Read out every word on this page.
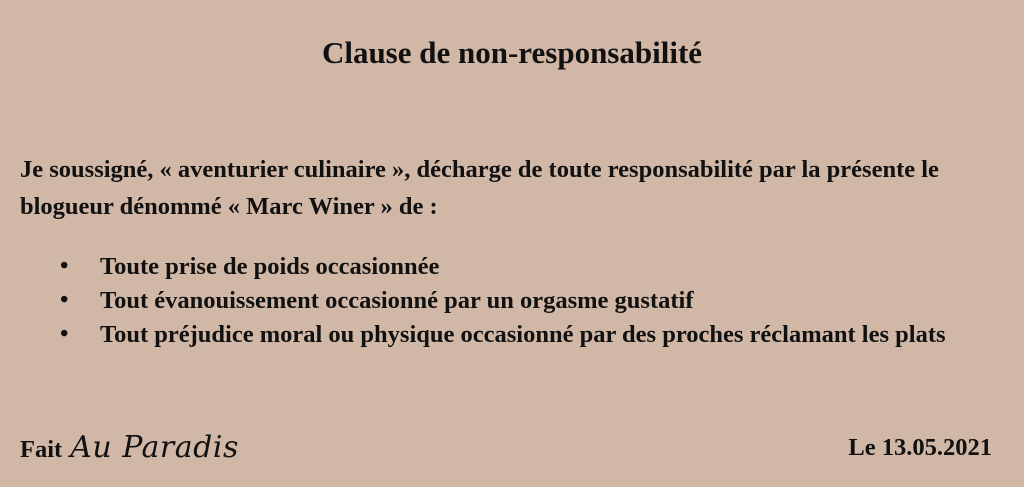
Clause de non-responsabilité

Je soussigné, « aventurier culinaire », décharge de toute responsabilité par la présente le blogueur dénommé « Marc Winer » de :

• Toute prise de poids occasionnée
• Tout évanouissement occasionné par un orgasme gustatif
• Tout préjudice moral ou physique occasionné par des proches réclamant les plats
Fait Au Paradis	Le 13.05.2021
